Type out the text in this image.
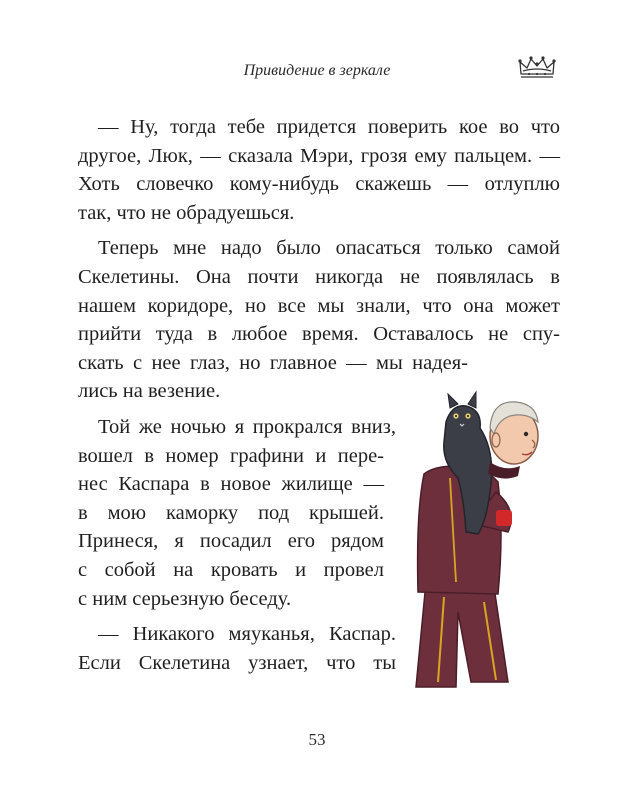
Привидение в зеркале

— Ну, тогда тебе придется поверить кое во что
другое, Люк, — сказала Мэри, грозя ему пальцем. —
Хоть словечко кому-нибудь скажешь — отлуплю
так, что не обрадуешься.

Теперь мне надо было опасаться только самой
Скелетины. Она почти никогда не появлялась в
нашем коридоре, но все мы знали, что она может
прийти туда в любое время. Оставалось не спу-
скать с нее глаз, но главное — мы надея-
лись на везение.

Той же ночью я прокрался вниз,
вошел в номер графини и пере-
нес Каспара в новое жилище —
в мою каморку под крышей.
Принеся, я посадил его рядом
с собой на кровать и провел
с ним серьезную беседу.

— Никакого мяуканья, Каспар.
Если Скелетина узнает, что ты

53
